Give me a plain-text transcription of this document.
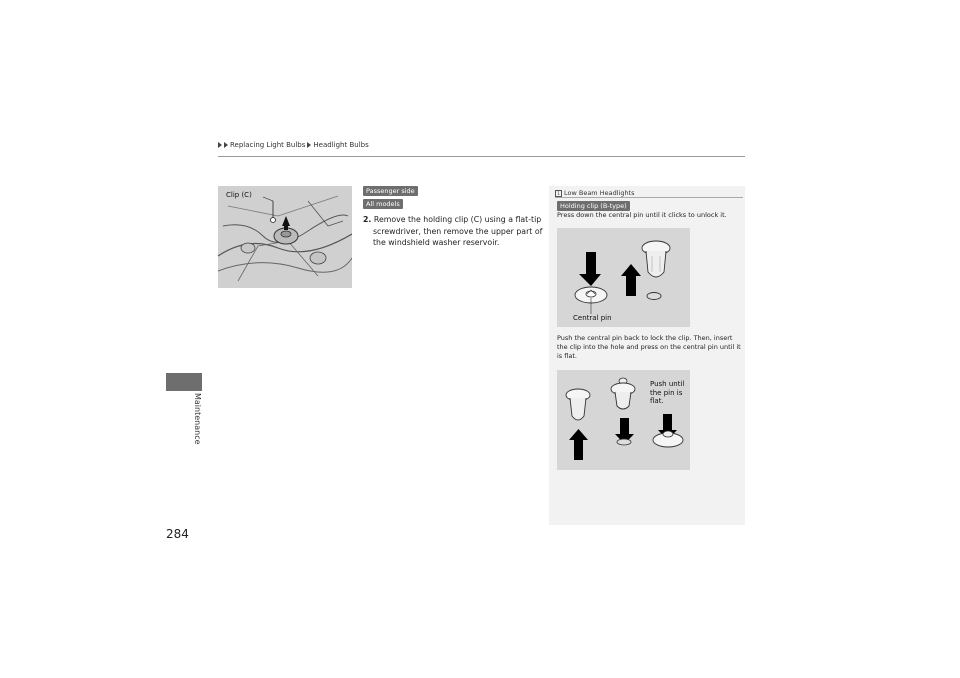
Replacing Light Bulbs Headlight Bulbs
Maintenance
284
Clip (C)	Passenger side
All models
2. Remove the holding clip (C) using a flat-tip
screwdriver, then remove the upper part of
the windshield washer reservoir.
1 Low Beam Headlights
Holding clip (B-type)
Press down the central pin until it clicks to unlock it.
Central pin
Push the central pin back to lock the clip. Then, insert the clip into the hole and press on the central pin until it is flat.
Push until
the pin is
flat.
